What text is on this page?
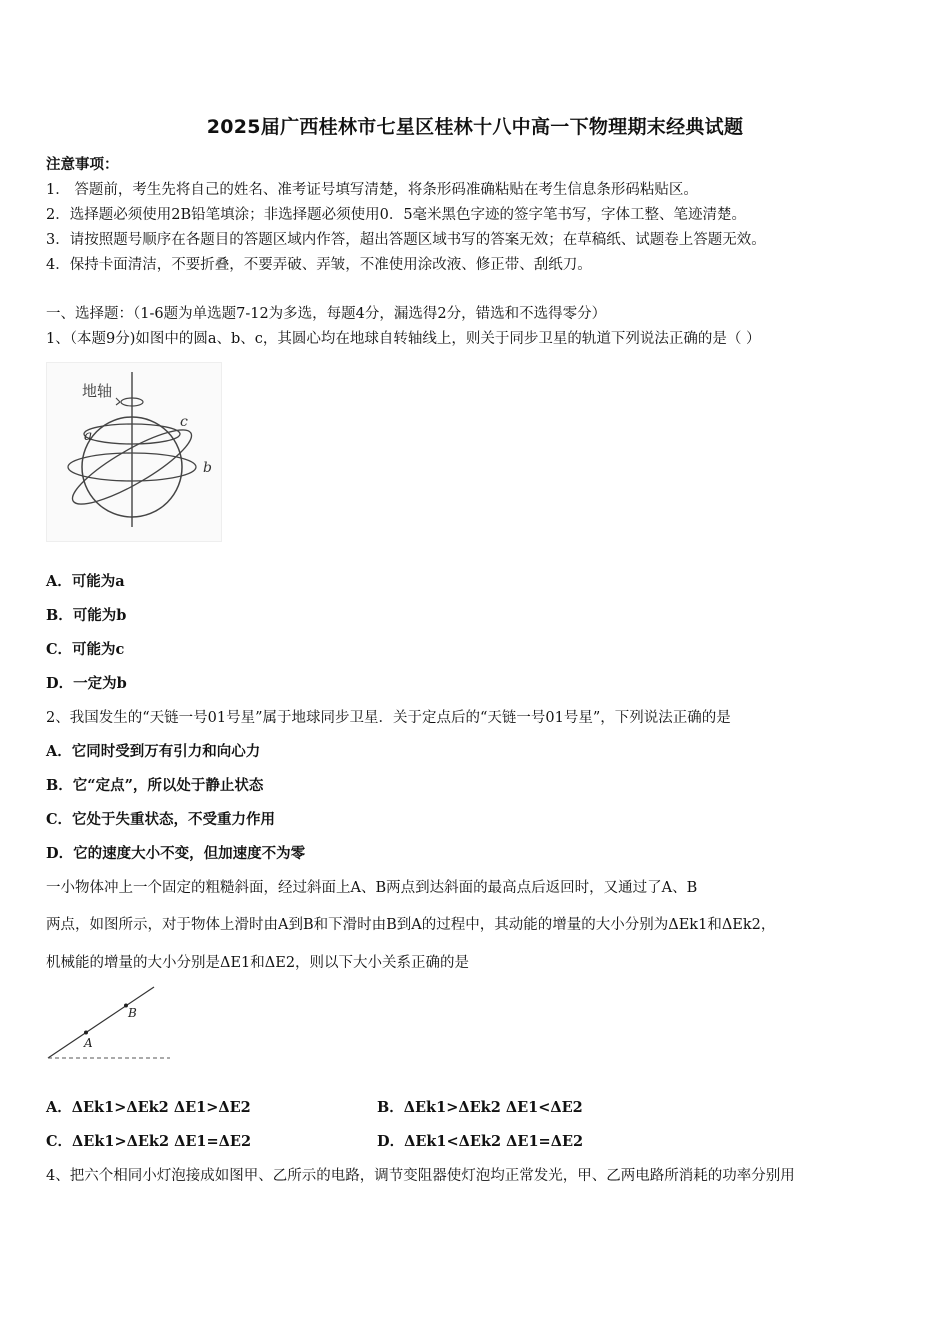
2025届广西桂林市七星区桂林十八中高一下物理期末经典试题
注意事项：
1． 答题前，考生先将自己的姓名、准考证号填写清楚，将条形码准确粘贴在考生信息条形码粘贴区。
2．选择题必须使用2B铅笔填涂；非选择题必须使用0．5毫米黑色字迹的签字笔书写，字体工整、笔迹清楚。
3．请按照题号顺序在各题目的答题区域内作答，超出答题区域书写的答案无效；在草稿纸、试题卷上答题无效。
4．保持卡面清洁，不要折叠，不要弄破、弄皱，不准使用涂改液、修正带、刮纸刀。
一、选择题：（1-6题为单选题7-12为多选，每题4分，漏选得2分，错选和不选得零分）
1、（本题9分)如图中的圆a、b、c，其圆心均在地球自转轴线上，则关于同步卫星的轨道下列说法正确的是（ ）
地轴
a
b
c
A．可能为a
B．可能为b
C．可能为c
D．一定为b
2、我国发生的“天链一号01号星”属于地球同步卫星．关于定点后的“天链一号01号星”，下列说法正确的是
A．它同时受到万有引力和向心力
B．它“定点”，所以处于静止状态
C．它处于失重状态，不受重力作用
D．它的速度大小不变，但加速度不为零
一小物体冲上一个固定的粗糙斜面，经过斜面上A、B两点到达斜面的最高点后返回时，又通过了A、B
两点，如图所示，对于物体上滑时由A到B和下滑时由B到A的过程中，其动能的增量的大小分别为ΔEk1和ΔEk2，
机械能的增量的大小分别是ΔE1和ΔE2，则以下大小关系正确的是
A
B
A．ΔEk1>ΔEk2 ΔE1>ΔE2	B．ΔEk1>ΔEk2 ΔE1<ΔE2
C．ΔEk1>ΔEk2 ΔE1=ΔE2	D．ΔEk1<ΔEk2 ΔE1=ΔE2
4、把六个相同小灯泡接成如图甲、乙所示的电路，调节变阻器使灯泡均正常发光，甲、乙两电路所消耗的功率分别用
